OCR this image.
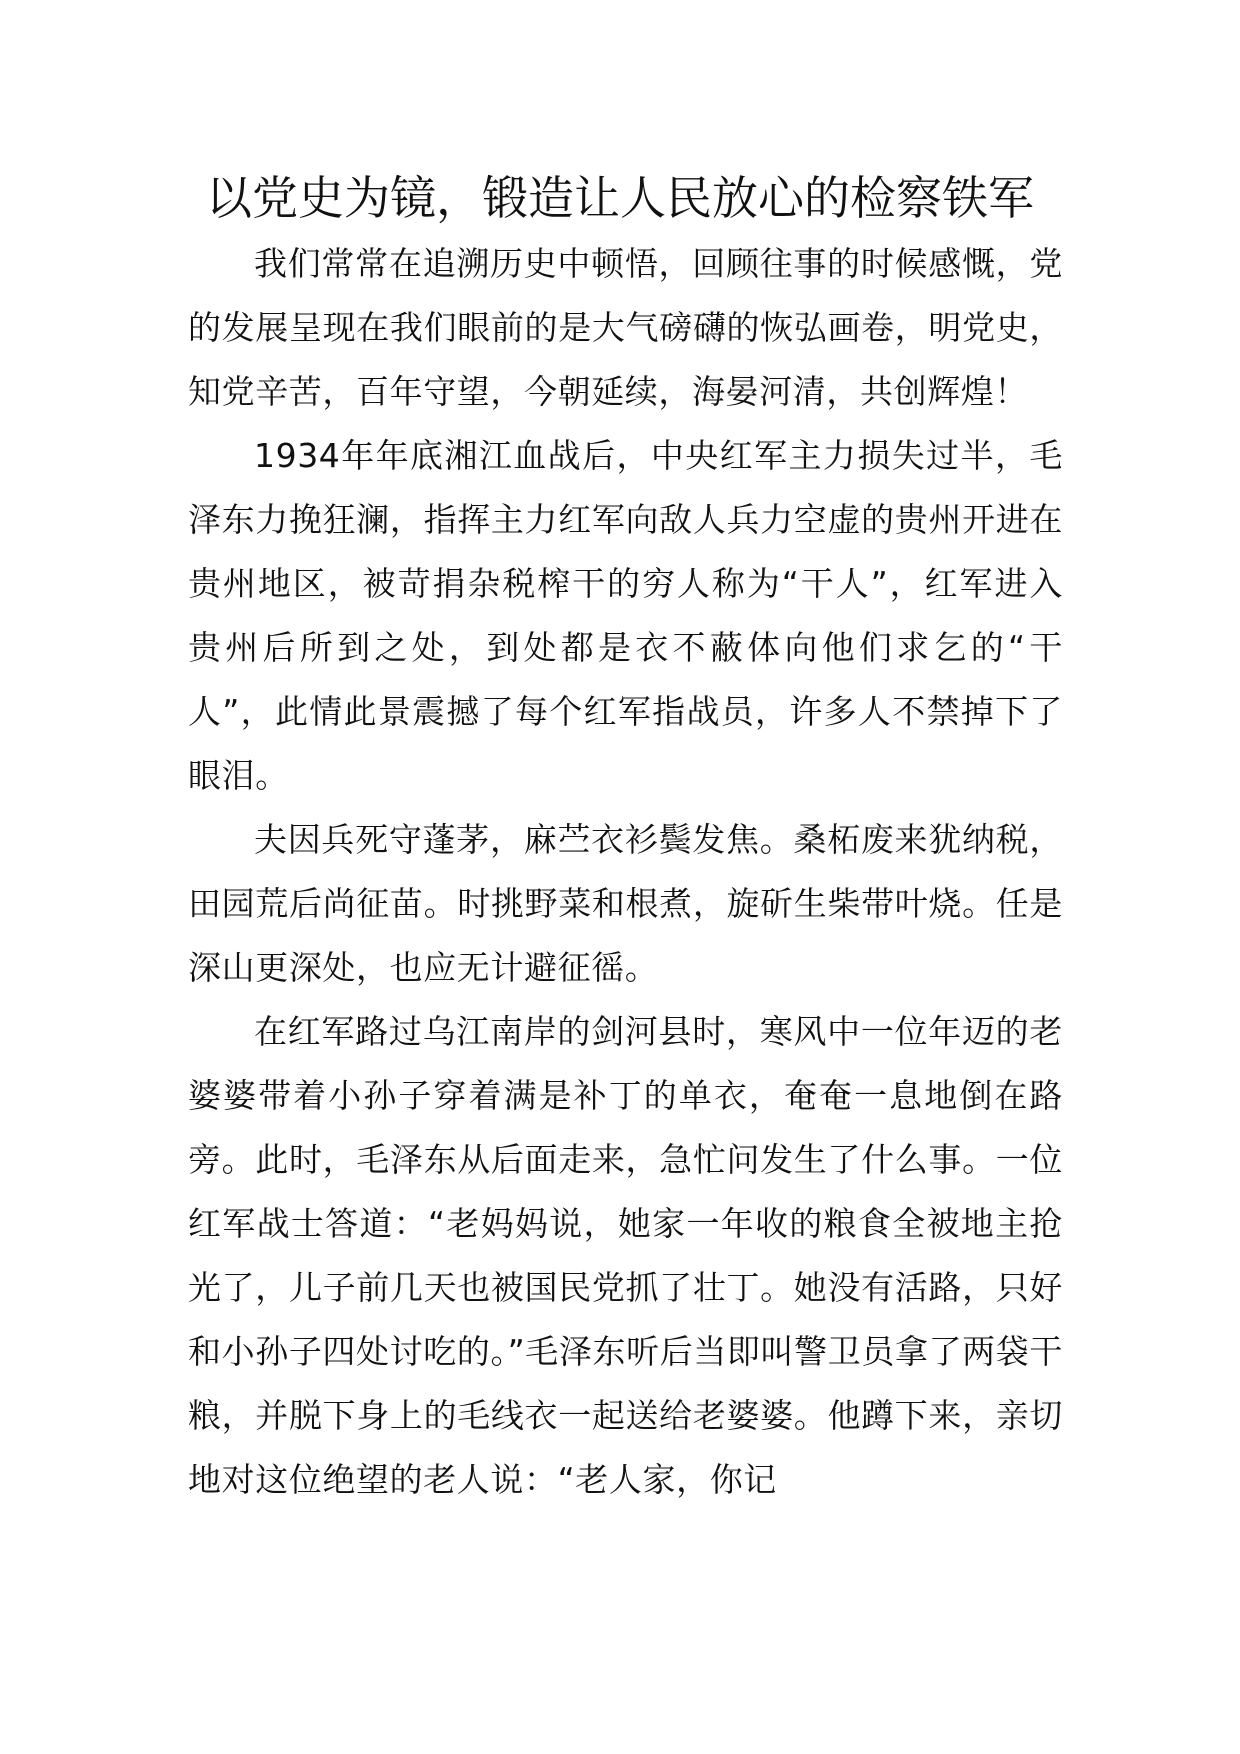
以党史为镜，锻造让人民放心的检察铁军

我们常常在追溯历史中顿悟，回顾往事的时候感慨，党的发展呈现在我们眼前的是大气磅礴的恢弘画卷，明党史，知党辛苦，百年守望，今朝延续，海晏河清，共创辉煌！

1934年年底湘江血战后，中央红军主力损失过半，毛泽东力挽狂澜，指挥主力红军向敌人兵力空虚的贵州开进在贵州地区，被苛捐杂税榨干的穷人称为“干人”，红军进入贵州后所到之处，到处都是衣不蔽体向他们求乞的“干人”，此情此景震撼了每个红军指战员，许多人不禁掉下了眼泪。

夫因兵死守蓬茅，麻苎衣衫鬓发焦。桑柘废来犹纳税，田园荒后尚征苗。时挑野菜和根煮，旋斫生柴带叶烧。任是深山更深处，也应无计避征徭。

在红军路过乌江南岸的剑河县时，寒风中一位年迈的老婆婆带着小孙子穿着满是补丁的单衣，奄奄一息地倒在路旁。此时，毛泽东从后面走来，急忙问发生了什么事。一位红军战士答道：“老妈妈说，她家一年收的粮食全被地主抢光了，儿子前几天也被国民党抓了壮丁。她没有活路，只好和小孙子四处讨吃的。”毛泽东听后当即叫警卫员拿了两袋干粮，并脱下身上的毛线衣一起送给老婆婆。他蹲下来，亲切地对这位绝望的老人说：“老人家，你记
